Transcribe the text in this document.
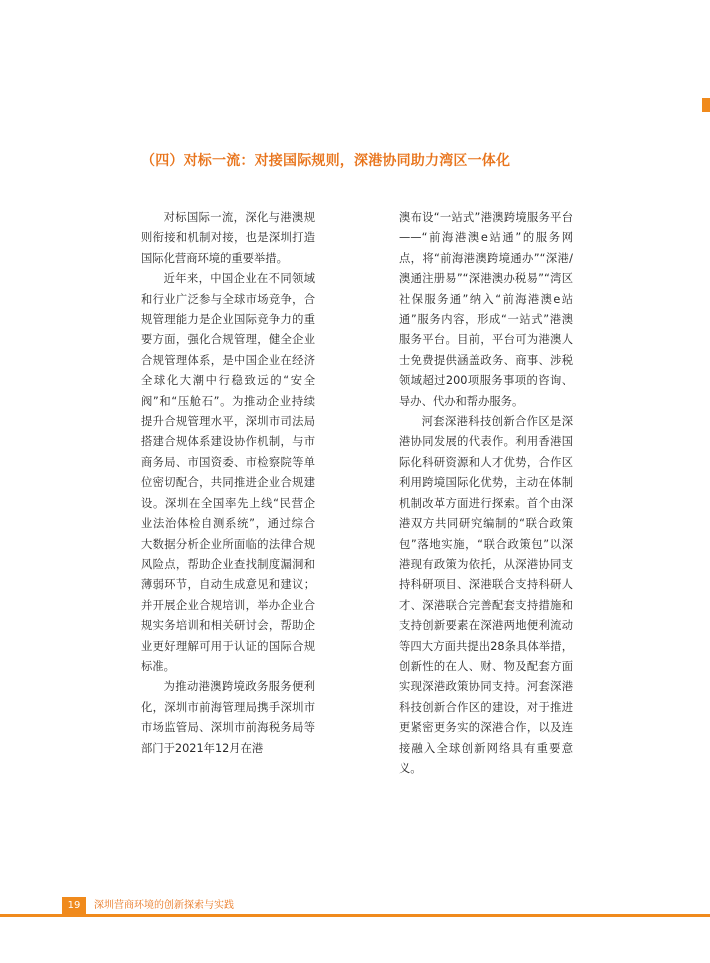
（四）对标一流：对接国际规则，深港协同助力湾区一体化

对标国际一流，深化与港澳规则衔接和机制对接，也是深圳打造国际化营商环境的重要举措。

近年来，中国企业在不同领域和行业广泛参与全球市场竞争，合规管理能力是企业国际竞争力的重要方面，强化合规管理，健全企业合规管理体系，是中国企业在经济全球化大潮中行稳致远的“安全阀”和“压舱石”。为推动企业持续提升合规管理水平，深圳市司法局搭建合规体系建设协作机制，与市商务局、市国资委、市检察院等单位密切配合，共同推进企业合规建设。深圳在全国率先上线“民营企业法治体检自测系统”，通过综合大数据分析企业所面临的法律合规风险点，帮助企业查找制度漏洞和薄弱环节，自动生成意见和建议；并开展企业合规培训，举办企业合规实务培训和相关研讨会，帮助企业更好理解可用于认证的国际合规标准。

为推动港澳跨境政务服务便利化，深圳市前海管理局携手深圳市市场监管局、深圳市前海税务局等部门于2021年12月在港

澳布设“一站式”港澳跨境服务平台——“前海港澳e站通”的服务网点，将“前海港澳跨境通办”“深港/澳通注册易”“深港澳办税易”“湾区社保服务通”纳入“前海港澳e站通”服务内容，形成“一站式”港澳服务平台。目前，平台可为港澳人士免费提供涵盖政务、商事、涉税领域超过200项服务事项的咨询、导办、代办和帮办服务。

河套深港科技创新合作区是深港协同发展的代表作。利用香港国际化科研资源和人才优势，合作区利用跨境国际化优势，主动在体制机制改革方面进行探索。首个由深港双方共同研究编制的“联合政策包”落地实施，“联合政策包”以深港现有政策为依托，从深港协同支持科研项目、深港联合支持科研人才、深港联合完善配套支持措施和支持创新要素在深港两地便利流动等四大方面共提出28条具体举措，创新性的在人、财、物及配套方面实现深港政策协同支持。河套深港科技创新合作区的建设，对于推进更紧密更务实的深港合作，以及连接融入全球创新网络具有重要意义。

19	深圳营商环境的创新探索与实践
